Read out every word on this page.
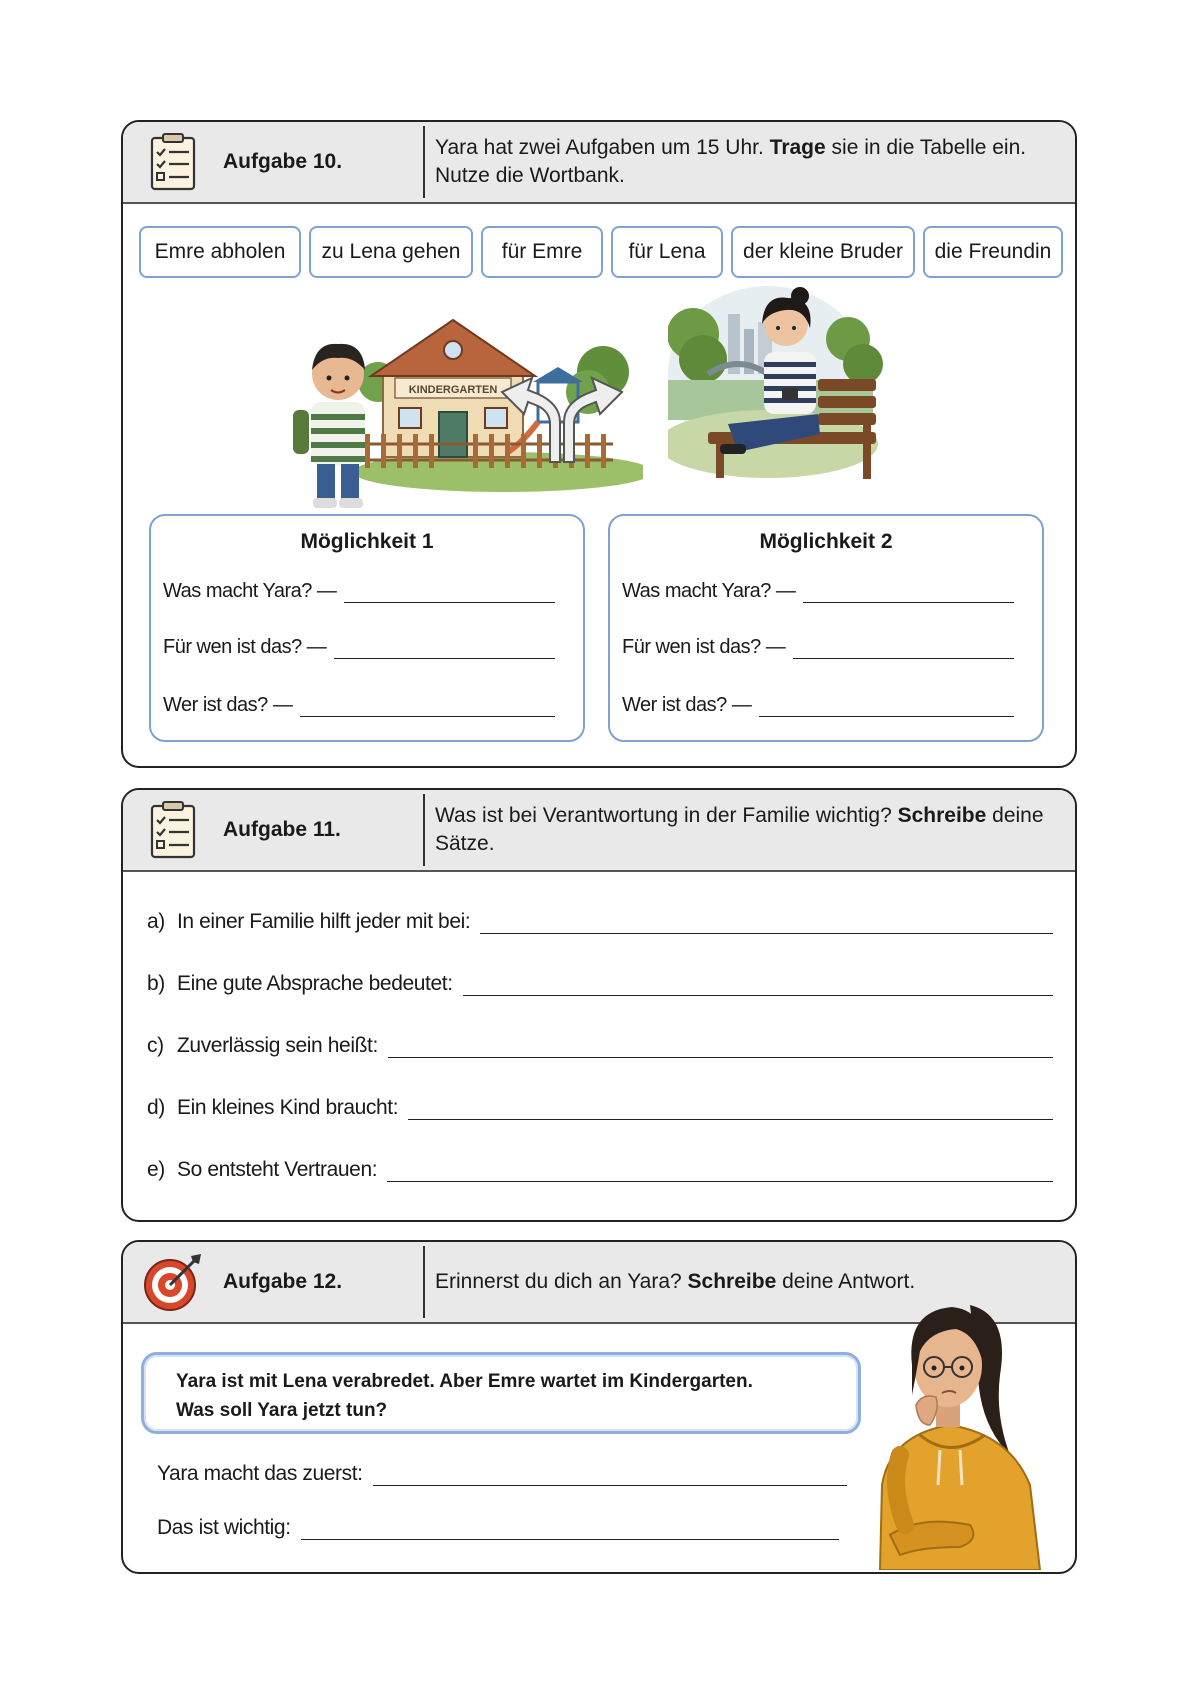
Aufgabe 10.
Yara hat zwei Aufgaben um 15 Uhr. Trage sie in die Tabelle ein. Nutze die Wortbank.
Emre abholen zu Lena gehen für Emre für Lena der kleine Bruder die Freundin
KINDERGARTEN
Möglichkeit 1
Was macht Yara? —
Für wen ist das? —
Wer ist das? —
Möglichkeit 2
Was macht Yara? —
Für wen ist das? —
Wer ist das? —
Aufgabe 11.
Was ist bei Verantwortung in der Familie wichtig? Schreibe deine Sätze.
a) In einer Familie hilft jeder mit bei:
b) Eine gute Absprache bedeutet:
c) Zuverlässig sein heißt:
d) Ein kleines Kind braucht:
e) So entsteht Vertrauen:
Aufgabe 12.	Erinnerst du dich an Yara? Schreibe deine Antwort.
Yara ist mit Lena verabredet. Aber Emre wartet im Kindergarten.
Was soll Yara jetzt tun?
Yara macht das zuerst:
Das ist wichtig:
